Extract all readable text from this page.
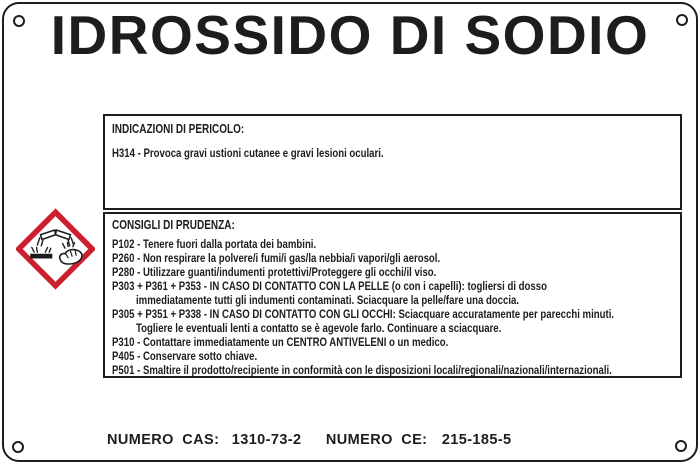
IDROSSIDO DI SODIO
INDICAZIONI DI PERICOLO:
H314 - Provoca gravi ustioni cutanee e gravi lesioni oculari.
CONSIGLI DI PRUDENZA:
P102 - Tenere fuori dalla portata dei bambini.
P260 - Non respirare la polvere/i fumi/i gas/la nebbia/i vapori/gli aerosol.
P280 - Utilizzare guanti/indumenti protettivi/Proteggere gli occhi/il viso.
P303 + P361 + P353 - IN CASO DI CONTATTO CON LA PELLE (o con i capelli): togliersi di dosso
immediatamente tutti gli indumenti contaminati. Sciacquare la pelle/fare una doccia.
P305 + P351 + P338 - IN CASO DI CONTATTO CON GLI OCCHI: Sciacquare accuratamente per parecchi minuti.
Togliere le eventuali lenti a contatto se è agevole farlo. Continuare a sciacquare.
P310 - Contattare immediatamente un CENTRO ANTIVELENI o un medico.
P405 - Conservare sotto chiave.
P501 - Smaltire il prodotto/recipiente in conformità con le disposizioni locali/regionali/nazionali/internazionali.
NUMERO CAS: 1310-73-2 NUMERO CE: 215-185-5
